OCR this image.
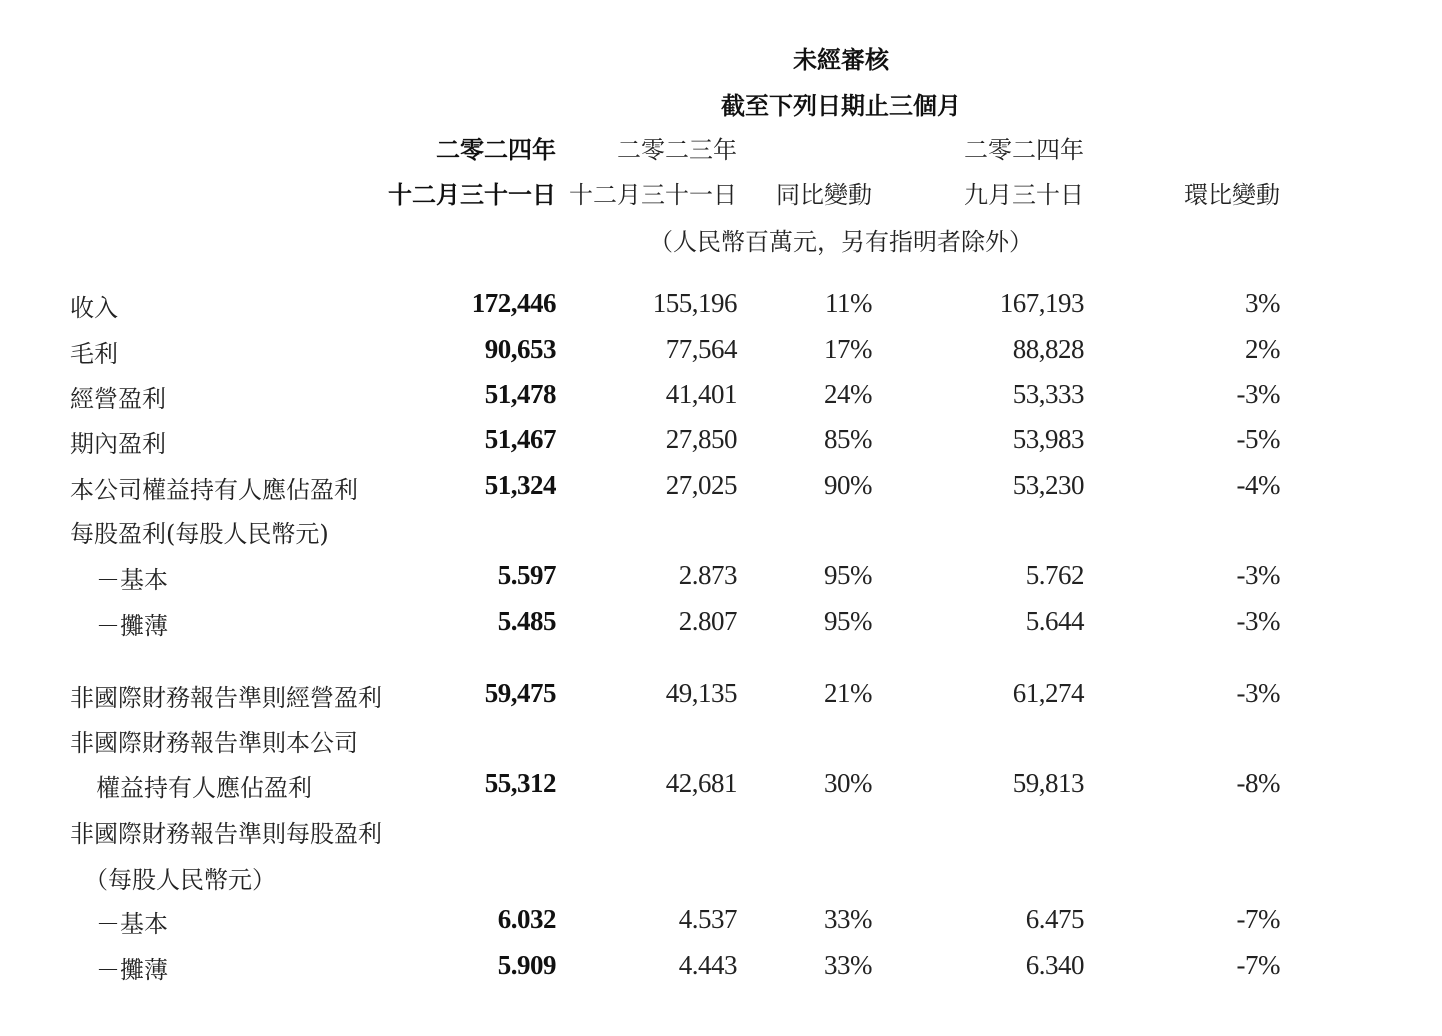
未經審核
截至下列日期止三個月
二零二四年	二零二三年	二零二四年
十二月三十一日 十二月三十一日 同比變動	九月三十日	環比變動
（人民幣百萬元，另有指明者除外）
收入	172,446	155,196	11%	167,193	3%
毛利	90,653	77,564	17%	88,828	2%
經營盈利	51,478	41,401	24%	53,333	-3%
期內盈利	51,467	27,850	85%	53,983	-5%
本公司權益持有人應佔盈利	51,324	27,025	90%	53,230	-4%
每股盈利(每股人民幣元)
－基本	5.597	2.873	95%	5.762	-3%
－攤薄	5.485	2.807	95%	5.644	-3%
非國際財務報告準則經營盈利	59,475	49,135	21%	61,274	-3%
非國際財務報告準則本公司
權益持有人應佔盈利	55,312	42,681	30%	59,813	-8%
非國際財務報告準則每股盈利
（每股人民幣元）
－基本	6.032	4.537	33%	6.475	-7%
－攤薄	5.909	4.443	33%	6.340	-7%
